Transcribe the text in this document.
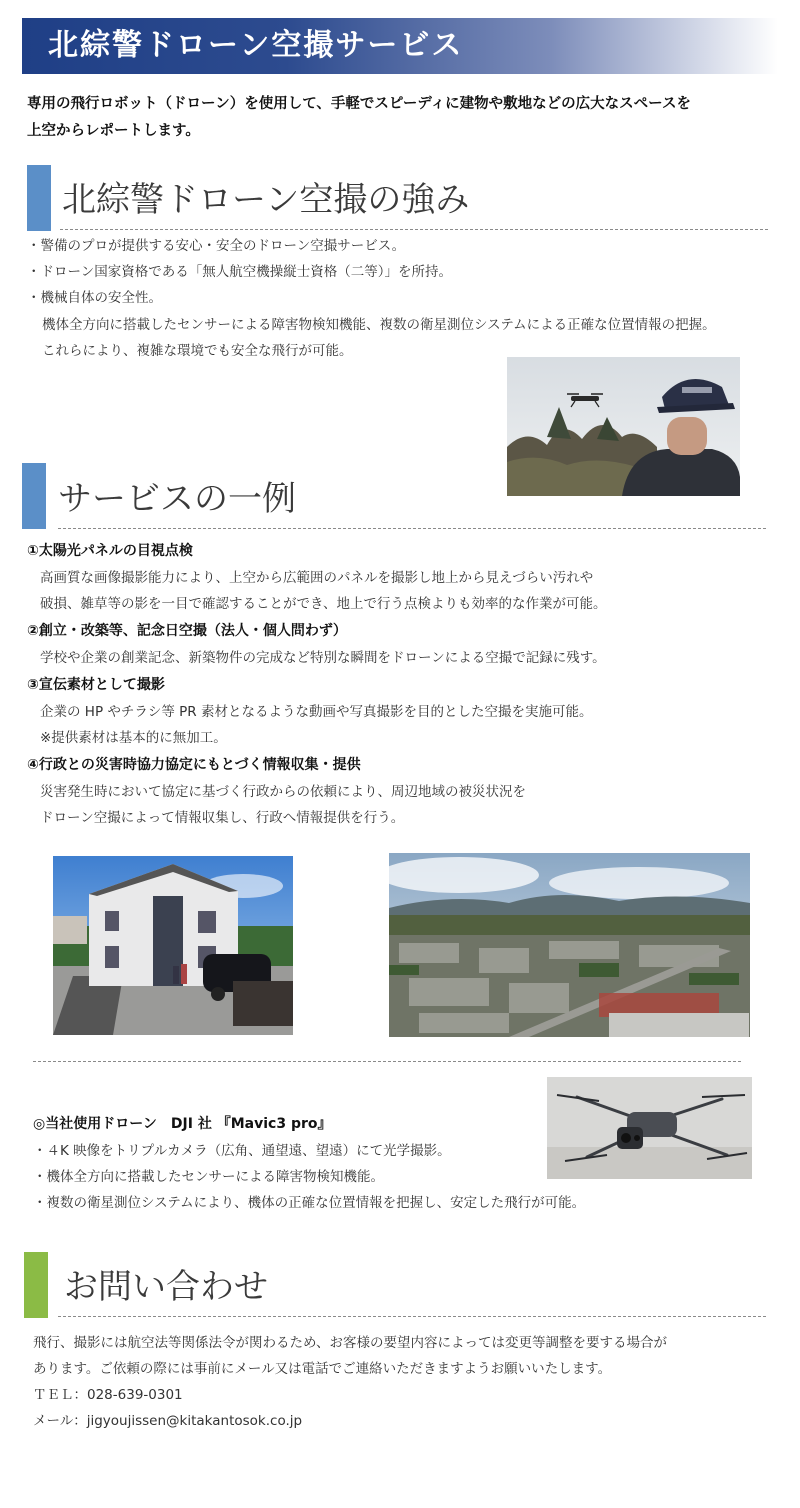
北綜警ドローン空撮サービス
専用の飛行ロボット（ドローン）を使用して、手軽でスピーディに建物や敷地などの広大なスペースを
上空からレポートします。
北綜警ドローン空撮の強み
・警備のプロが提供する安心・安全のドローン空撮サービス。
・ドローン国家資格である「無人航空機操縦士資格（二等）」を所持。
・機械自体の安全性。
機体全方向に搭載したセンサーによる障害物検知機能、複数の衛星測位システムによる正確な位置情報の把握。
これらにより、複雑な環境でも安全な飛行が可能。
サービスの一例
①太陽光パネルの目視点検
高画質な画像撮影能力により、上空から広範囲のパネルを撮影し地上から見えづらい汚れや
破損、雑草等の影を一目で確認することができ、地上で行う点検よりも効率的な作業が可能。
②創立・改築等、記念日空撮（法人・個人問わず）
学校や企業の創業記念、新築物件の完成など特別な瞬間をドローンによる空撮で記録に残す。
③宣伝素材として撮影
企業の HP やチラシ等 PR 素材となるような動画や写真撮影を目的とした空撮を実施可能。
※提供素材は基本的に無加工。
④行政との災害時協力協定にもとづく情報収集・提供
災害発生時において協定に基づく行政からの依頼により、周辺地域の被災状況を
ドローン空撮によって情報収集し、行政へ情報提供を行う。
◎当社使用ドローン　DJI 社 『Mavic3 pro』
・４K 映像をトリプルカメラ（広角、通望遠、望遠）にて光学撮影。
・機体全方向に搭載したセンサーによる障害物検知機能。
・複数の衛星測位システムにより、機体の正確な位置情報を把握し、安定した飛行が可能。
お問い合わせ
飛行、撮影には航空法等関係法令が関わるため、お客様の要望内容によっては変更等調整を要する場合が
あります。ご依頼の際には事前にメール又は電話でご連絡いただきますようお願いいたします。
ＴＥＬ：028-639-0301
メール：jigyoujissen@kitakantosok.co.jp
